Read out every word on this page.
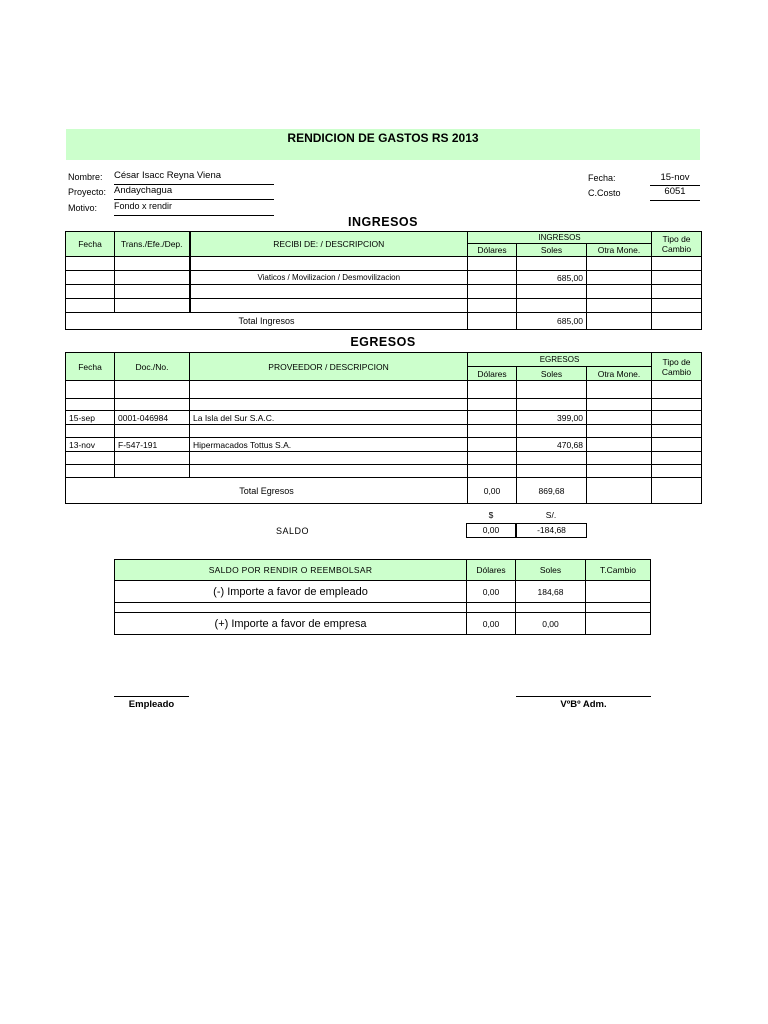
RENDICION DE GASTOS RS 2013
Nombre: César Isacc Reyna Viena
Proyecto: Andaychagua
Motivo: Fondo x rendir
Fecha:	15-nov
C.Costo	6051
INGRESOS
Fecha	Trans./Efe./Dep.	RECIBI DE: / DESCRIPCION	INGRESOS			Tipo de Cambio
			Dólares	Soles	Otra Mone.	

		Viaticos / Movilizacion / Desmovilizacion		685,00		

Total Ingresos				685,00		
EGRESOS
Fecha	Doc./No.	PROVEEDOR / DESCRIPCION	EGRESOS			Tipo de Cambio
			Dólares	Soles	Otra Mone.	

15-sep	0001-046984	La Isla del Sur S.A.C.		399,00		

13-nov	F-547-191	Hipermacados Tottus S.A.		470,68		

Total Egresos			0,00	869,68		
$	S/.
SALDO	0,00	-184,68
SALDO POR RENDIR O REEMBOLSAR	Dólares	Soles	T.Cambio
(-) Importe a favor de empleado	0,00	184,68	

(+) Importe a favor de empresa	0,00	0,00	
Empleado	VºBº Adm.
